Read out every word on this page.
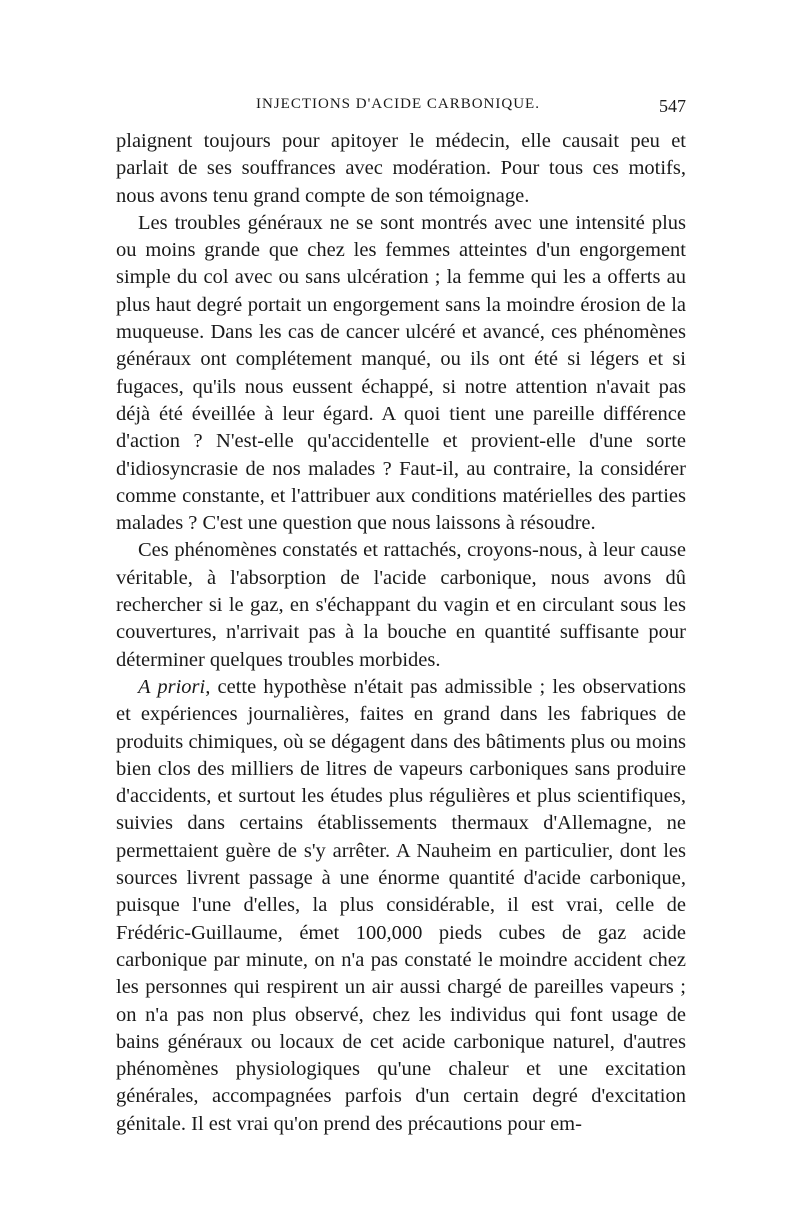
INJECTIONS D'ACIDE CARBONIQUE.	547

plaignent toujours pour apitoyer le médecin, elle causait peu et parlait de ses souffrances avec modération. Pour tous ces motifs, nous avons tenu grand compte de son témoignage.

Les troubles généraux ne se sont montrés avec une intensité plus ou moins grande que chez les femmes atteintes d'un engorgement simple du col avec ou sans ulcération ; la femme qui les a offerts au plus haut degré portait un engorgement sans la moindre érosion de la muqueuse. Dans les cas de cancer ulcéré et avancé, ces phénomènes généraux ont complétement manqué, ou ils ont été si légers et si fugaces, qu'ils nous eussent échappé, si notre attention n'avait pas déjà été éveillée à leur égard. A quoi tient une pareille différence d'action ? N'est-elle qu'accidentelle et provient-elle d'une sorte d'idiosyncrasie de nos malades ? Faut-il, au contraire, la considérer comme constante, et l'attribuer aux conditions matérielles des parties malades ? C'est une question que nous laissons à résoudre.

Ces phénomènes constatés et rattachés, croyons-nous, à leur cause véritable, à l'absorption de l'acide carbonique, nous avons dû rechercher si le gaz, en s'échappant du vagin et en circulant sous les couvertures, n'arrivait pas à la bouche en quantité suffisante pour déterminer quelques troubles morbides.

A priori, cette hypothèse n'était pas admissible ; les observations et expériences journalières, faites en grand dans les fabriques de produits chimiques, où se dégagent dans des bâtiments plus ou moins bien clos des milliers de litres de vapeurs carboniques sans produire d'accidents, et surtout les études plus régulières et plus scientifiques, suivies dans certains établissements thermaux d'Allemagne, ne permettaient guère de s'y arrêter. A Nauheim en particulier, dont les sources livrent passage à une énorme quantité d'acide carbonique, puisque l'une d'elles, la plus considérable, il est vrai, celle de Frédéric-Guillaume, émet 100,000 pieds cubes de gaz acide carbonique par minute, on n'a pas constaté le moindre accident chez les personnes qui respirent un air aussi chargé de pareilles vapeurs ; on n'a pas non plus observé, chez les individus qui font usage de bains généraux ou locaux de cet acide carbonique naturel, d'autres phénomènes physiologiques qu'une chaleur et une excitation générales, accompagnées parfois d'un certain degré d'excitation génitale. Il est vrai qu'on prend des précautions pour em-
